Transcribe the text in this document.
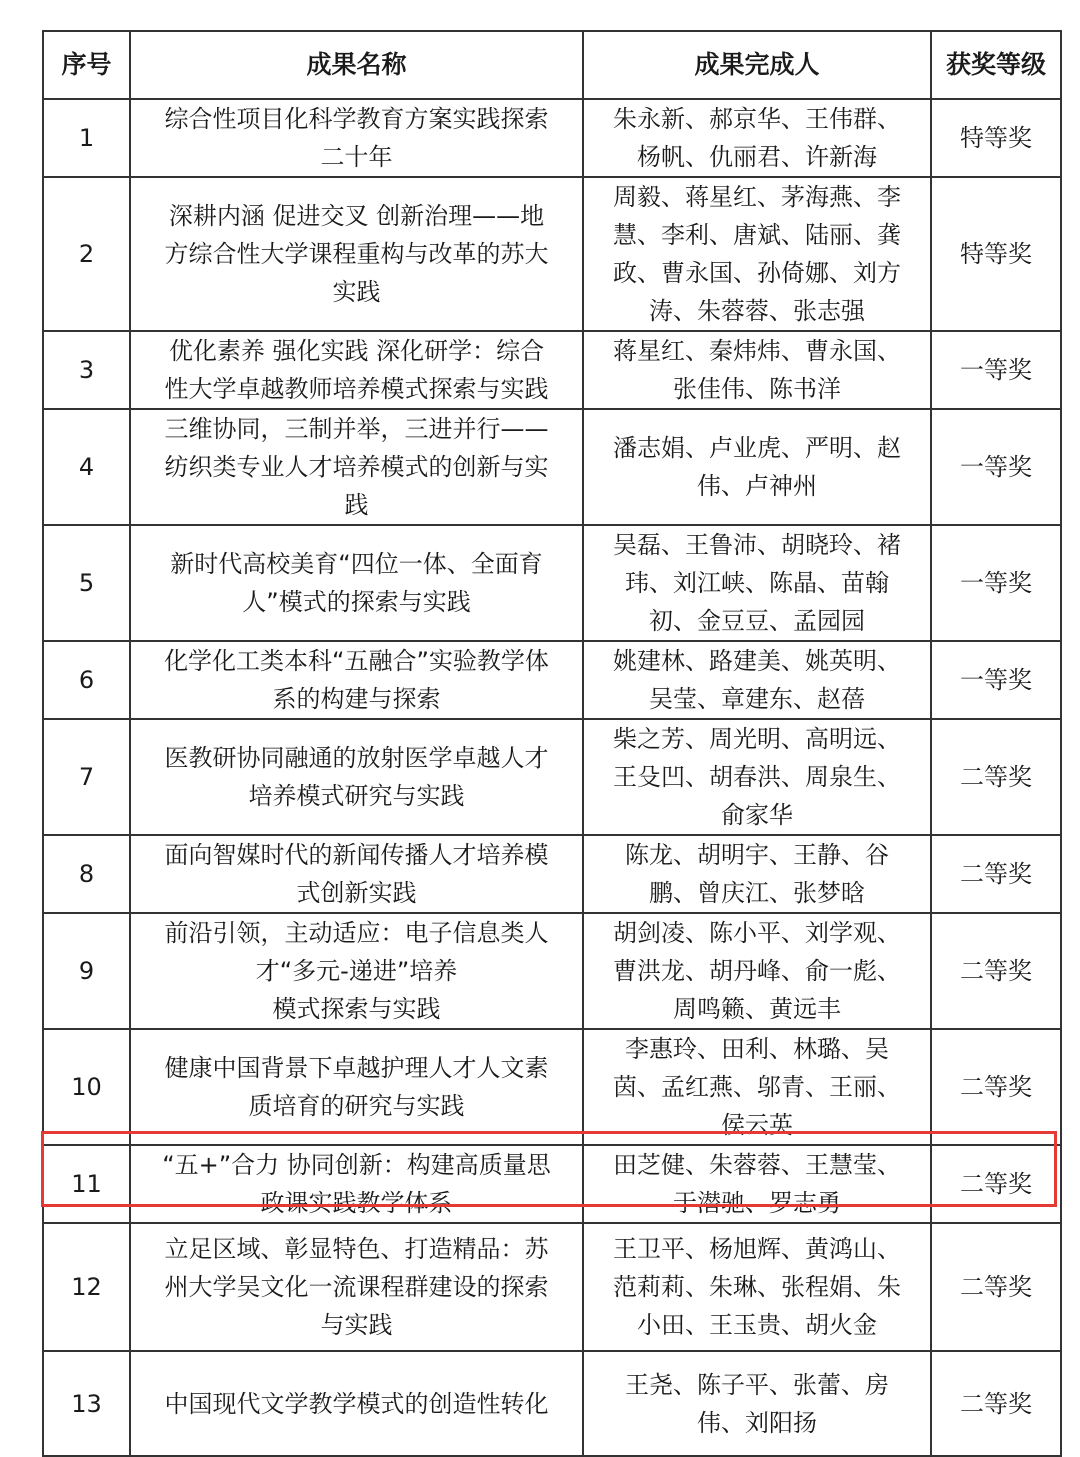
序号	成果名称	成果完成人	获奖等级

1	综合性项目化科学教育方案实践探索
二十年	朱永新、郝京华、王伟群、
杨帆、仇丽君、许新海	特等奖

2	深耕内涵 促进交叉 创新治理——地
方综合性大学课程重构与改革的苏大
实践	周毅、蒋星红、茅海燕、李
慧、李利、唐斌、陆丽、龚
政、曹永国、孙倚娜、刘方
涛、朱蓉蓉、张志强	特等奖

3	优化素养 强化实践 深化研学：综合
性大学卓越教师培养模式探索与实践	蒋星红、秦炜炜、曹永国、
张佳伟、陈书洋	一等奖

4	三维协同，三制并举，三进并行——
纺织类专业人才培养模式的创新与实
践	潘志娟、卢业虎、严明、赵
伟、卢神州	一等奖

5	新时代高校美育“四位一体、全面育
人”模式的探索与实践	吴磊、王鲁沛、胡晓玲、褚
玮、刘江峡、陈晶、苗翰
初、金豆豆、孟园园	一等奖

6	化学化工类本科“五融合”实验教学体
系的构建与探索	姚建林、路建美、姚英明、
吴莹、章建东、赵蓓	一等奖

7	医教研协同融通的放射医学卓越人才
培养模式研究与实践	柴之芳、周光明、高明远、
王殳凹、胡春洪、周泉生、
俞家华	二等奖

8	面向智媒时代的新闻传播人才培养模
式创新实践	陈龙、胡明宇、王静、谷
鹏、曾庆江、张梦晗	二等奖

9	前沿引领，主动适应：电子信息类人
才“多元-递进”培养
模式探索与实践	胡剑凌、陈小平、刘学观、
曹洪龙、胡丹峰、俞一彪、
周鸣籁、黄远丰	二等奖

10	健康中国背景下卓越护理人才人文素
质培育的研究与实践	李惠玲、田利、林璐、吴
茵、孟红燕、邬青、王丽、
侯云英	二等奖

11	“五+”合力 协同创新：构建高质量思
政课实践教学体系	田芝健、朱蓉蓉、王慧莹、
于潜驰、罗志勇	二等奖

12	立足区域、彰显特色、打造精品：苏
州大学吴文化一流课程群建设的探索
与实践	王卫平、杨旭辉、黄鸿山、
范莉莉、朱琳、张程娟、朱
小田、王玉贵、胡火金	二等奖

13	中国现代文学教学模式的创造性转化	王尧、陈子平、张蕾、房
伟、刘阳扬	二等奖
